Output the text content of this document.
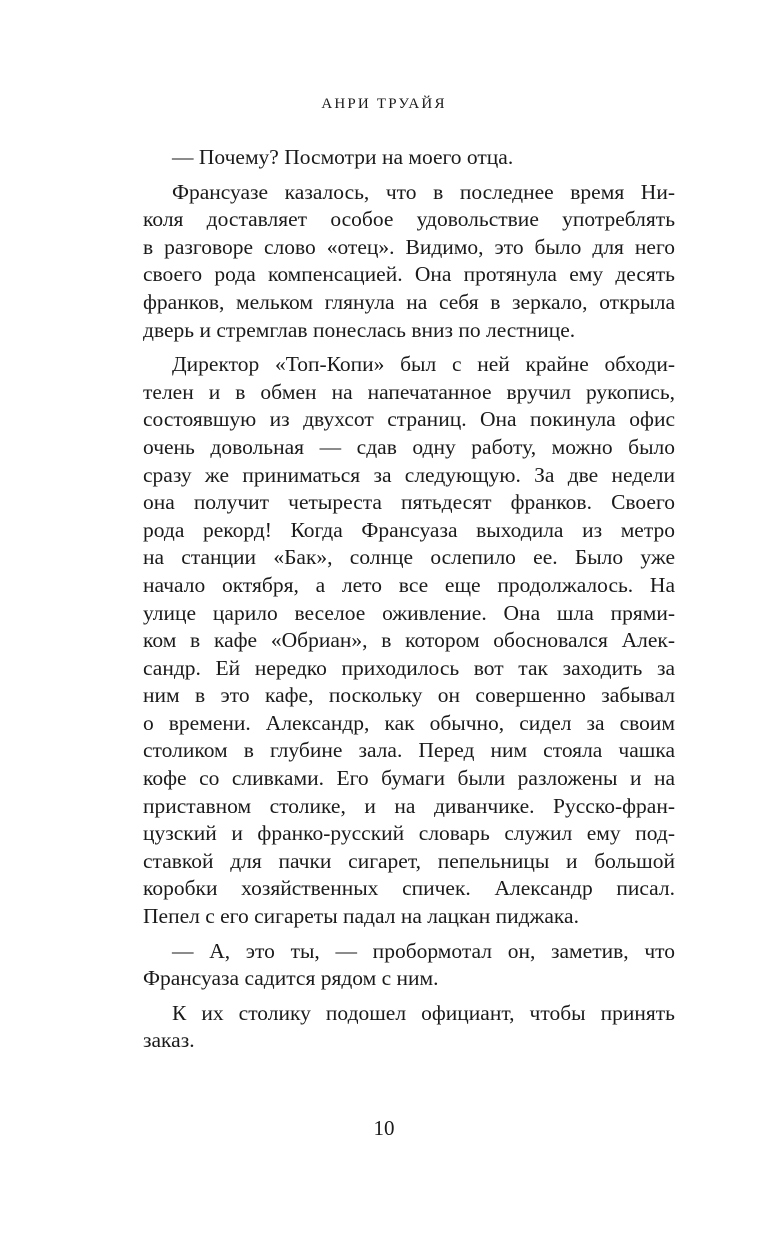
АНРИ ТРУАЙЯ
— Почему? Посмотри на моего отца.
Франсуазе казалось, что в последнее время Ни-
коля доставляет особое удовольствие употреблять
в разговоре слово «отец». Видимо, это было для него
своего рода компенсацией. Она протянула ему десять
франков, мельком глянула на себя в зеркало, открыла
дверь и стремглав понеслась вниз по лестнице.
Директор «Топ-Копи» был с ней крайне обходи-
телен и в обмен на напечатанное вручил рукопись,
состоявшую из двухсот страниц. Она покинула офис
очень довольная — сдав одну работу, можно было
сразу же приниматься за следующую. За две недели
она получит четыреста пятьдесят франков. Своего
рода рекорд! Когда Франсуаза выходила из метро
на станции «Бак», солнце ослепило ее. Было уже
начало октября, а лето все еще продолжалось. На
улице царило веселое оживление. Она шла прями-
ком в кафе «Обриан», в котором обосновался Алек-
сандр. Ей нередко приходилось вот так заходить за
ним в это кафе, поскольку он совершенно забывал
о времени. Александр, как обычно, сидел за своим
столиком в глубине зала. Перед ним стояла чашка
кофе со сливками. Его бумаги были разложены и на
приставном столике, и на диванчике. Русско-фран-
цузский и франко-русский словарь служил ему под-
ставкой для пачки сигарет, пепельницы и большой
коробки хозяйственных спичек. Александр писал.
Пепел с его сигареты падал на лацкан пиджака.
— А, это ты, — пробормотал он, заметив, что
Франсуаза садится рядом с ним.
К их столику подошел официант, чтобы принять
заказ.
10
